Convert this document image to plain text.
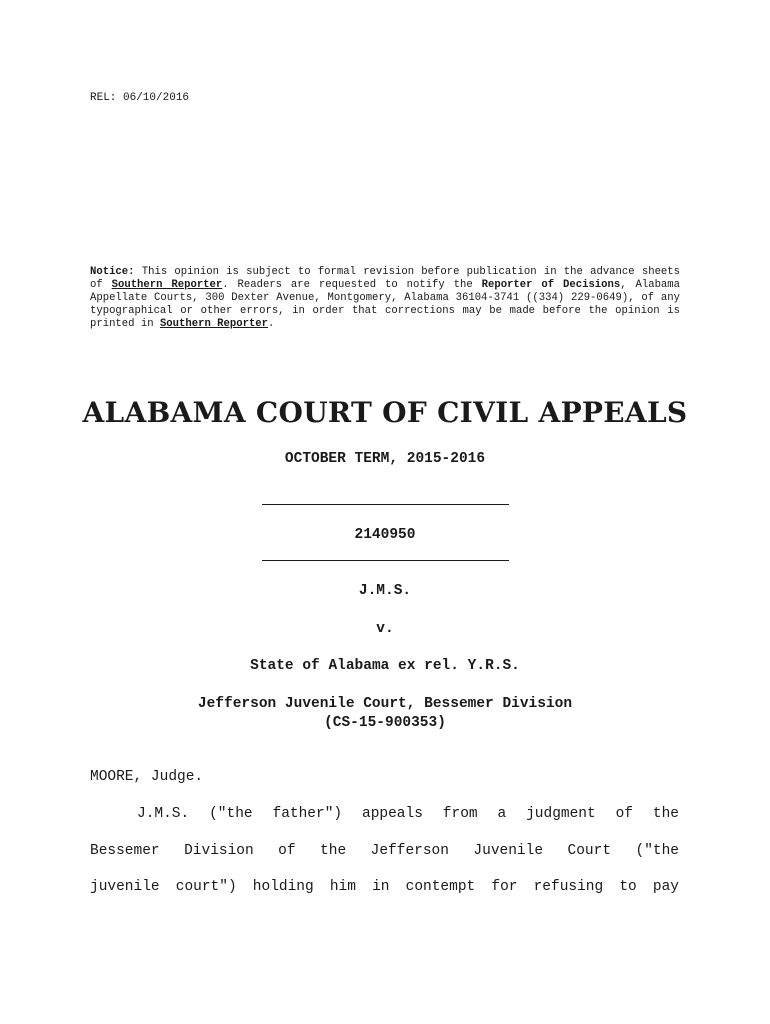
REL: 06/10/2016
Notice: This opinion is subject to formal revision before publication in the advance sheets of Southern Reporter. Readers are requested to notify the Reporter of Decisions, Alabama Appellate Courts, 300 Dexter Avenue, Montgomery, Alabama 36104-3741 ((334) 229-0649), of any typographical or other errors, in order that corrections may be made before the opinion is printed in Southern Reporter.
ALABAMA COURT OF CIVIL APPEALS
OCTOBER TERM, 2015-2016
2140950
J.M.S.
v.
State of Alabama ex rel. Y.R.S.
Jefferson Juvenile Court, Bessemer Division
(CS-15-900353)
MOORE, Judge.
J.M.S. ("the father") appeals from a judgment of the
Bessemer Division of the Jefferson Juvenile Court ("the
juvenile court") holding him in contempt for refusing to pay
